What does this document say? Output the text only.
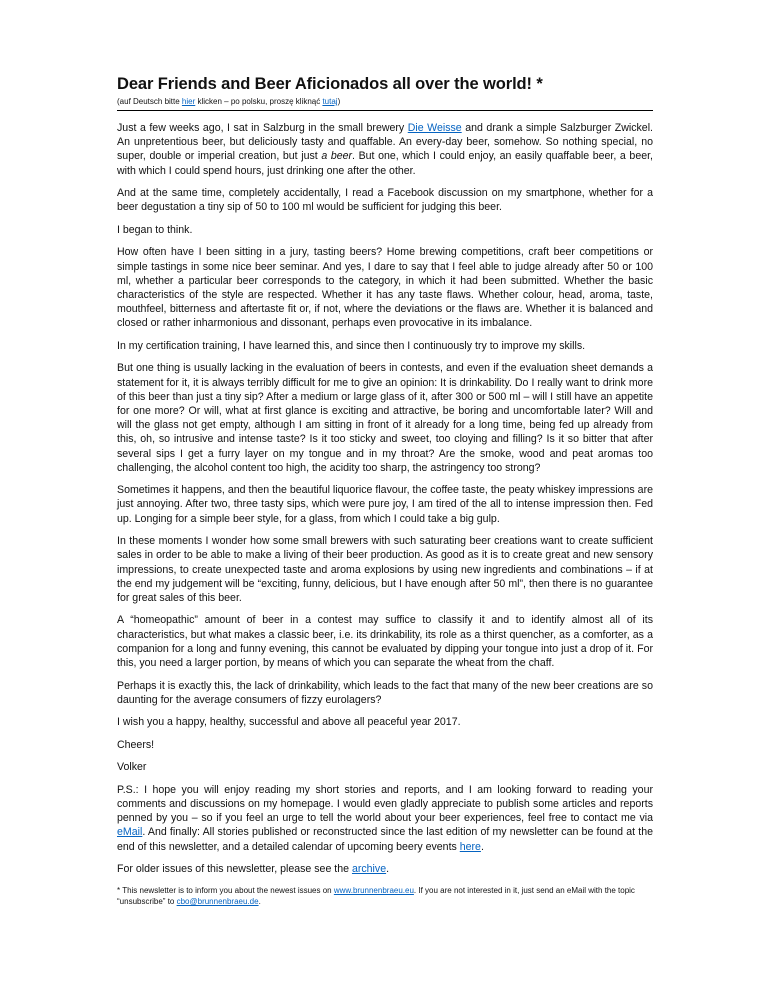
Dear Friends and Beer Aficionados all over the world! *
(auf Deutsch bitte hier klicken – po polsku, proszę kliknąć tutaj)

Just a few weeks ago, I sat in Salzburg in the small brewery Die Weisse and drank a simple Salzburger Zwickel. An unpretentious beer, but deliciously tasty and quaffable. An every-day beer, somehow. So nothing special, no super, double or imperial creation, but just a beer. But one, which I could enjoy, an easily quaffable beer, a beer, with which I could spend hours, just drinking one after the other.

And at the same time, completely accidentally, I read a Facebook discussion on my smartphone, whether for a beer degustation a tiny sip of 50 to 100 ml would be sufficient for judging this beer.

I began to think.

How often have I been sitting in a jury, tasting beers? Home brewing competitions, craft beer competitions or simple tastings in some nice beer seminar. And yes, I dare to say that I feel able to judge already after 50 or 100 ml, whether a particular beer corresponds to the category, in which it had been submitted. Whether the basic characteristics of the style are respected. Whether it has any taste flaws. Whether colour, head, aroma, taste, mouthfeel, bitterness and aftertaste fit or, if not, where the deviations or the flaws are. Whether it is balanced and closed or rather inharmonious and dissonant, perhaps even provocative in its imbalance.

In my certification training, I have learned this, and since then I continuously try to improve my skills.

But one thing is usually lacking in the evaluation of beers in contests, and even if the evaluation sheet demands a statement for it, it is always terribly difficult for me to give an opinion: It is drinkability. Do I really want to drink more of this beer than just a tiny sip? After a medium or large glass of it, after 300 or 500 ml – will I still have an appetite for one more? Or will, what at first glance is exciting and attractive, be boring and uncomfortable later? Will and will the glass not get empty, although I am sitting in front of it already for a long time, being fed up already from this, oh, so intrusive and intense taste? Is it too sticky and sweet, too cloying and filling? Is it so bitter that after several sips I get a furry layer on my tongue and in my throat? Are the smoke, wood and peat aromas too challenging, the alcohol content too high, the acidity too sharp, the astringency too strong?

Sometimes it happens, and then the beautiful liquorice flavour, the coffee taste, the peaty whiskey impressions are just annoying. After two, three tasty sips, which were pure joy, I am tired of the all to intense impression then. Fed up. Longing for a simple beer style, for a glass, from which I could take a big gulp.

In these moments I wonder how some small brewers with such saturating beer creations want to create sufficient sales in order to be able to make a living of their beer production. As good as it is to create great and new sensory impressions, to create unexpected taste and aroma explosions by using new ingredients and combinations – if at the end my judgement will be “exciting, funny, delicious, but I have enough after 50 ml”, then there is no guarantee for great sales of this beer.

A “homeopathic” amount of beer in a contest may suffice to classify it and to identify almost all of its characteristics, but what makes a classic beer, i.e. its drinkability, its role as a thirst quencher, as a comforter, as a companion for a long and funny evening, this cannot be evaluated by dipping your tongue into just a drop of it. For this, you need a larger portion, by means of which you can separate the wheat from the chaff.

Perhaps it is exactly this, the lack of drinkability, which leads to the fact that many of the new beer creations are so daunting for the average consumers of fizzy eurolagers?

I wish you a happy, healthy, successful and above all peaceful year 2017.

Cheers!

Volker

P.S.: I hope you will enjoy reading my short stories and reports, and I am looking forward to reading your comments and discussions on my homepage. I would even gladly appreciate to publish some articles and reports penned by you – so if you feel an urge to tell the world about your beer experiences, feel free to contact me via eMail. And finally: All stories published or reconstructed since the last edition of my newsletter can be found at the end of this newsletter, and a detailed calendar of upcoming beery events here.

For older issues of this newsletter, please see the archive.

* This newsletter is to inform you about the newest issues on www.brunnenbraeu.eu. If you are not interested in it, just send an eMail with the topic “unsubscribe” to cbo@brunnenbraeu.de.
